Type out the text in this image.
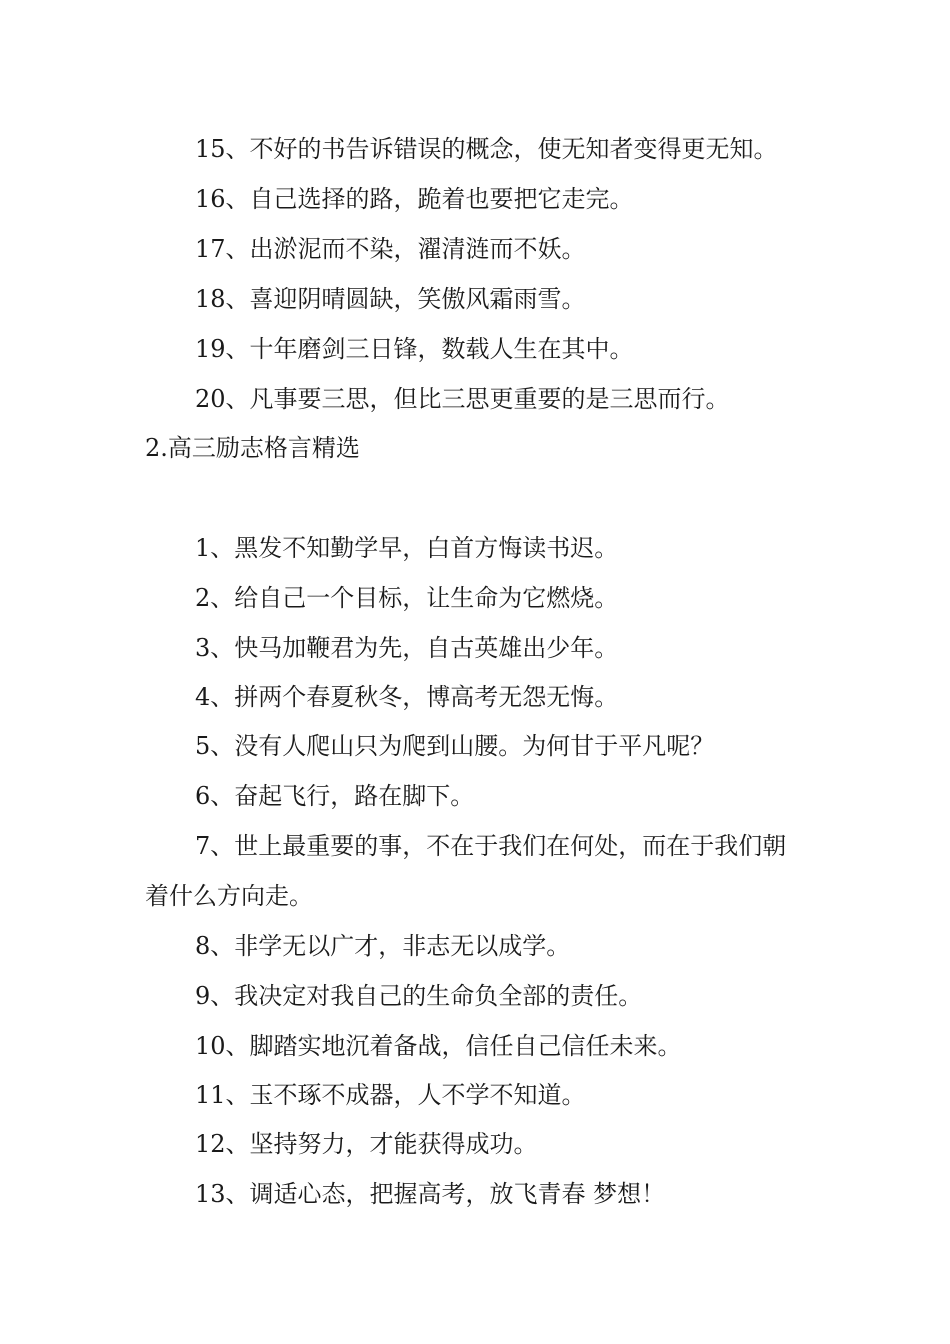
15、不好的书告诉错误的概念，使无知者变得更无知。
16、自己选择的路，跪着也要把它走完。
17、出淤泥而不染，濯清涟而不妖。
18、喜迎阴晴圆缺，笑傲风霜雨雪。
19、十年磨剑三日锋，数载人生在其中。
20、凡事要三思，但比三思更重要的是三思而行。
2.高三励志格言精选
1、黑发不知勤学早，白首方悔读书迟。
2、给自己一个目标，让生命为它燃烧。
3、快马加鞭君为先，自古英雄出少年。
4、拼两个春夏秋冬，博高考无怨无悔。
5、没有人爬山只为爬到山腰。为何甘于平凡呢？
6、奋起飞行，路在脚下。
7、世上最重要的事，不在于我们在何处，而在于我们朝着什么方向走。
8、非学无以广才，非志无以成学。
9、我决定对我自己的生命负全部的责任。
10、脚踏实地沉着备战，信任自己信任未来。
11、玉不琢不成器，人不学不知道。
12、坚持努力，才能获得成功。
13、调适心态，把握高考，放飞青春 梦想！
